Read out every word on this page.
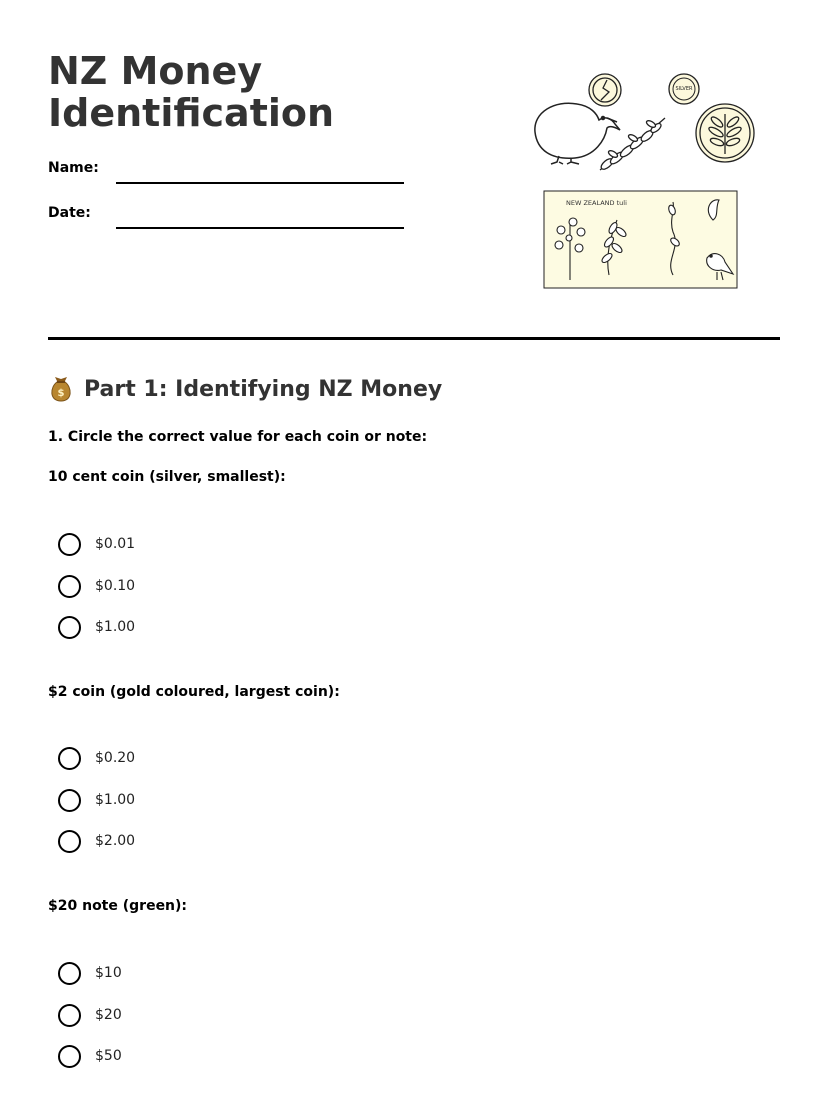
NZ Money
Identification
Name:
Date:
SILVER
NEW ZEALAND tuli
$ Part 1: Identifying NZ Money
1. Circle the correct value for each coin or note:
10 cent coin (silver, smallest):
$0.01
$0.10
$1.00
$2 coin (gold coloured, largest coin):
$0.20
$1.00
$2.00
$20 note (green):
$10
$20
$50
